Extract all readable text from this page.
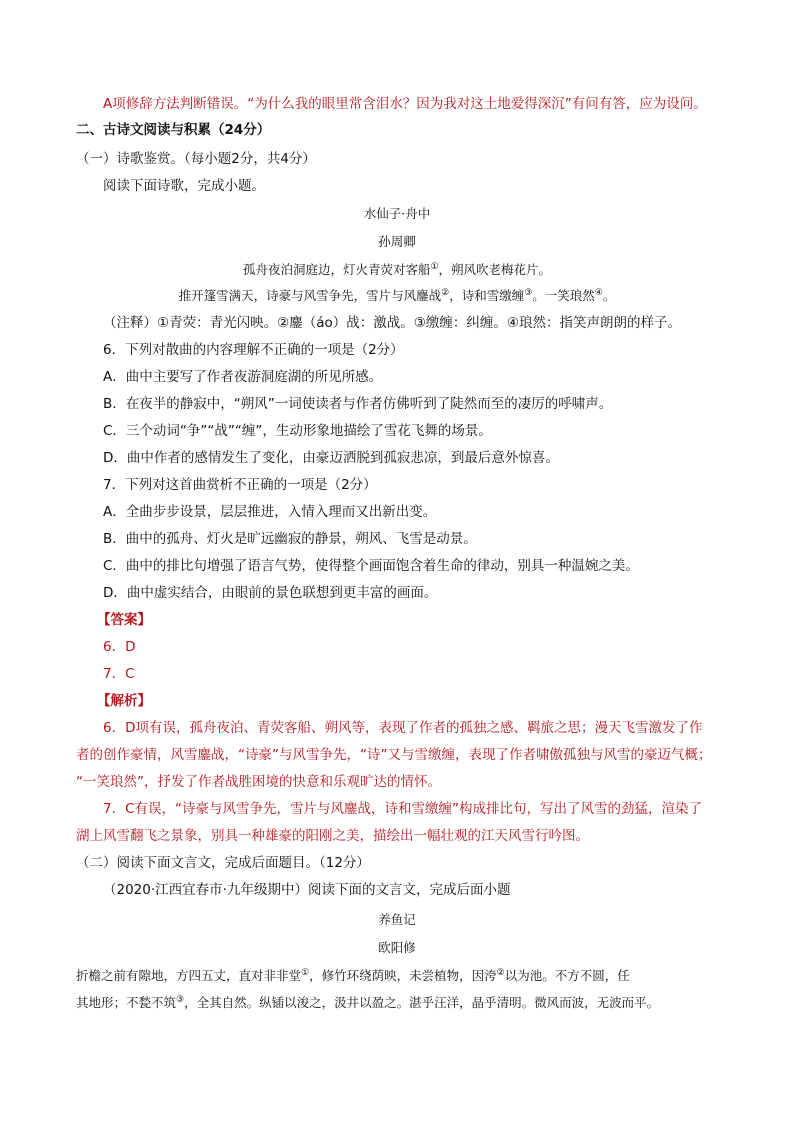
A项修辞方法判断错误。“为什么我的眼里常含泪水？因为我对这土地爱得深沉”有问有答，应为设问。
二、古诗文阅读与积累（24分）
（一）诗歌鉴赏。（每小题2分，共4分）
阅读下面诗歌，完成小题。
水仙子·舟中
孙周卿
孤舟夜泊洞庭边，灯火青荧对客船①，朔风吹老梅花片。
推开篷雪满天，诗豪与风雪争先，雪片与风鏖战②，诗和雪缴缠③。一笑琅然④。
（注释）①青荧：青光闪映。②鏖（áo）战：激战。③缴缠：纠缠。④琅然：指笑声朗朗的样子。
6．下列对散曲的内容理解不正确的一项是（2分）
A．曲中主要写了作者夜游洞庭湖的所见所感。
B．在夜半的静寂中，“朔风”一词使读者与作者仿佛听到了陡然而至的凄厉的呼啸声。
C．三个动词“争”“战”“缠”，生动形象地描绘了雪花飞舞的场景。
D．曲中作者的感情发生了变化，由豪迈洒脱到孤寂悲凉，到最后意外惊喜。
7．下列对这首曲赏析不正确的一项是（2分）
A．全曲步步设景，层层推进，入情入理而又出新出变。
B．曲中的孤舟、灯火是旷远幽寂的静景，朔风、飞雪是动景。
C．曲中的排比句增强了语言气势，使得整个画面饱含着生命的律动，别具一种温婉之美。
D．曲中虚实结合，由眼前的景色联想到更丰富的画面。
【答案】
6．D
7．C
【解析】
6．D项有误，孤舟夜泊、青荧客船、朔风等，表现了作者的孤独之感、羁旅之思；漫天飞雪激发了作
者的创作豪情，风雪鏖战，“诗豪”与风雪争先，“诗”又与雪缴缠，表现了作者啸傲孤独与风雪的豪迈气概；
“一笑琅然”，抒发了作者战胜困境的快意和乐观旷达的情怀。
7．C有误，“诗豪与风雪争先，雪片与风鏖战，诗和雪缴缠”构成排比句，写出了风雪的劲猛，渲染了
湖上风雪翻飞之景象，别具一种雄豪的阳刚之美，描绘出一幅壮观的江天风雪行吟图。
（二）阅读下面文言文，完成后面题目。（12分）
（2020·江西宜春市·九年级期中）阅读下面的文言文，完成后面小题
养鱼记
欧阳修
折檐之前有隙地，方四五丈，直对非非堂①，修竹环绕荫映，未尝植物，因洿②以为池。不方不圆，任
其地形；不甃不筑③，全其自然。纵锸以浚之，汲井以盈之。湛乎汪洋，晶乎清明。微风而波，无波而平。
